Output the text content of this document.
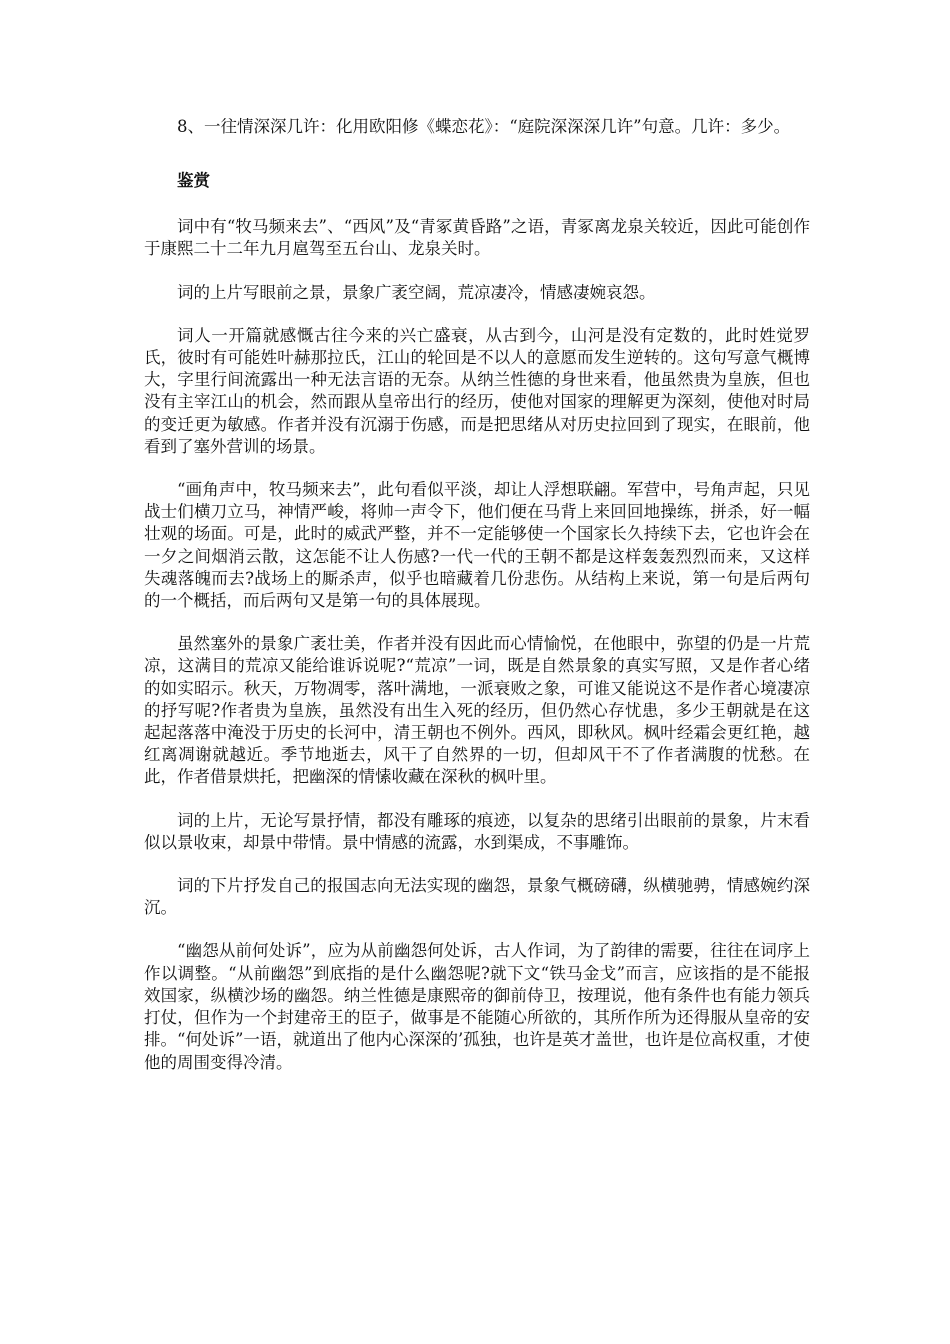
8、一往情深深几许：化用欧阳修《蝶恋花》：“庭院深深深几许”句意。几许：多少。

鉴赏

词中有“牧马频来去”、“西风”及“青冢黄昏路”之语，青冢离龙泉关较近，因此可能创作于康熙二十二年九月扈驾至五台山、龙泉关时。

词的上片写眼前之景，景象广袤空阔，荒凉凄冷，情感凄婉哀怨。

词人一开篇就感慨古往今来的兴亡盛衰，从古到今，山河是没有定数的，此时姓觉罗氏，彼时有可能姓叶赫那拉氏，江山的轮回是不以人的意愿而发生逆转的。这句写意气概博大，字里行间流露出一种无法言语的无奈。从纳兰性德的身世来看，他虽然贵为皇族，但也没有主宰江山的机会，然而跟从皇帝出行的经历，使他对国家的理解更为深刻，使他对时局的变迁更为敏感。作者并没有沉溺于伤感，而是把思绪从对历史拉回到了现实，在眼前，他看到了塞外营训的场景。

“画角声中，牧马频来去”，此句看似平淡，却让人浮想联翩。军营中，号角声起，只见战士们横刀立马，神情严峻，将帅一声令下，他们便在马背上来回回地操练，拼杀，好一幅壮观的场面。可是，此时的威武严整，并不一定能够使一个国家长久持续下去，它也许会在一夕之间烟消云散，这怎能不让人伤感?一代一代的王朝不都是这样轰轰烈烈而来，又这样失魂落魄而去?战场上的厮杀声，似乎也暗藏着几份悲伤。从结构上来说，第一句是后两句的一个概括，而后两句又是第一句的具体展现。

虽然塞外的景象广袤壮美，作者并没有因此而心情愉悦，在他眼中，弥望的仍是一片荒凉，这满目的荒凉又能给谁诉说呢?“荒凉”一词，既是自然景象的真实写照，又是作者心绪的如实昭示。秋天，万物凋零，落叶满地，一派衰败之象，可谁又能说这不是作者心境凄凉的抒写呢?作者贵为皇族，虽然没有出生入死的经历，但仍然心存忧患，多少王朝就是在这起起落落中淹没于历史的长河中，清王朝也不例外。西风，即秋风。枫叶经霜会更红艳，越红离凋谢就越近。季节地逝去，风干了自然界的一切，但却风干不了作者满腹的忧愁。在此，作者借景烘托，把幽深的情愫收藏在深秋的枫叶里。

词的上片，无论写景抒情，都没有雕琢的痕迹，以复杂的思绪引出眼前的景象，片末看似以景收束，却景中带情。景中情感的流露，水到渠成，不事雕饰。

词的下片抒发自己的报国志向无法实现的幽怨，景象气概磅礴，纵横驰骋，情感婉约深沉。

“幽怨从前何处诉”，应为从前幽怨何处诉，古人作词，为了韵律的需要，往往在词序上作以调整。“从前幽怨”到底指的是什么幽怨呢?就下文“铁马金戈”而言，应该指的是不能报效国家，纵横沙场的幽怨。纳兰性德是康熙帝的御前侍卫，按理说，他有条件也有能力领兵打仗，但作为一个封建帝王的臣子，做事是不能随心所欲的，其所作所为还得服从皇帝的安排。“何处诉”一语，就道出了他内心深深的’孤独，也许是英才盖世，也许是位高权重，才使他的周围变得冷清。
